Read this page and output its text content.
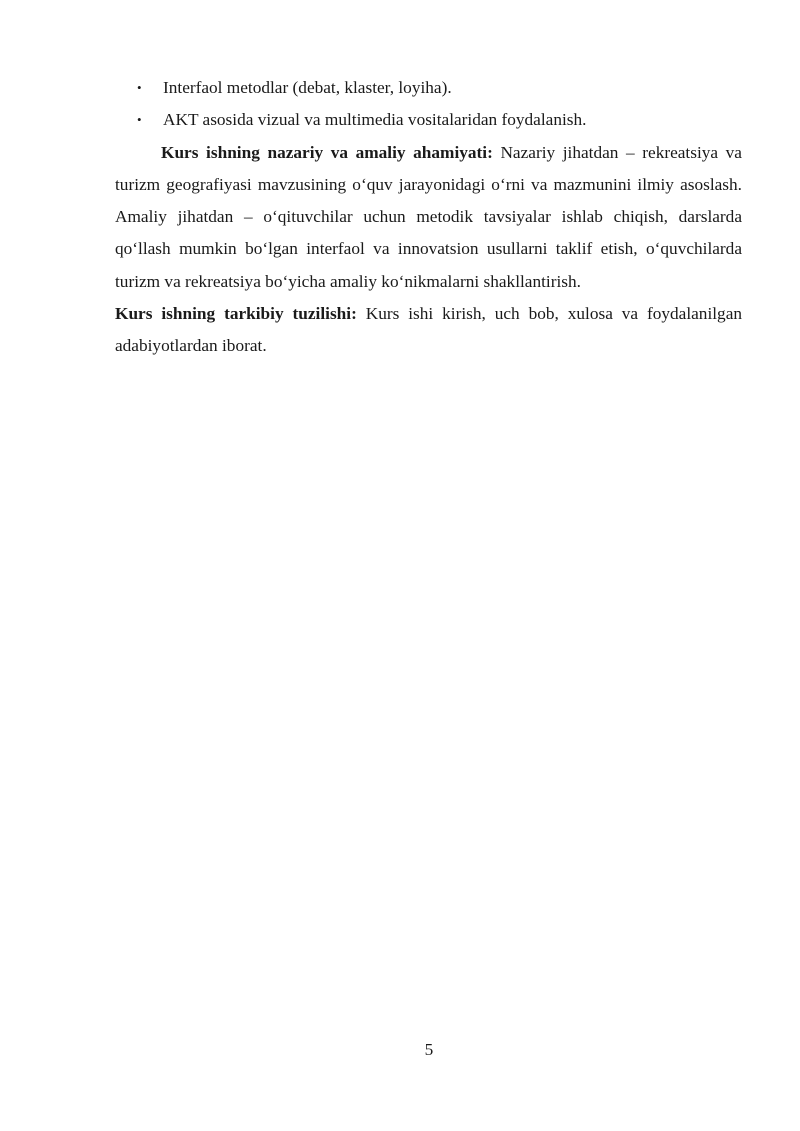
• Interfaol metodlar (debat, klaster, loyiha).
• AKT asosida vizual va multimedia vositalaridan foydalanish.

Kurs ishning nazariy va amaliy ahamiyati: Nazariy jihatdan – rekreatsiya va turizm geografiyasi mavzusining o‘quv jarayonidagi o‘rni va mazmunini ilmiy asoslash. Amaliy jihatdan – o‘qituvchilar uchun metodik tavsiyalar ishlab chiqish, darslarda qo‘llash mumkin bo‘lgan interfaol va innovatsion usullarni taklif etish, o‘quvchilarda turizm va rekreatsiya bo‘yicha amaliy ko‘nikmalarni shakllantirish.

Kurs ishning tarkibiy tuzilishi: Kurs ishi kirish, uch bob, xulosa va foydalanilgan adabiyotlardan iborat.

5
